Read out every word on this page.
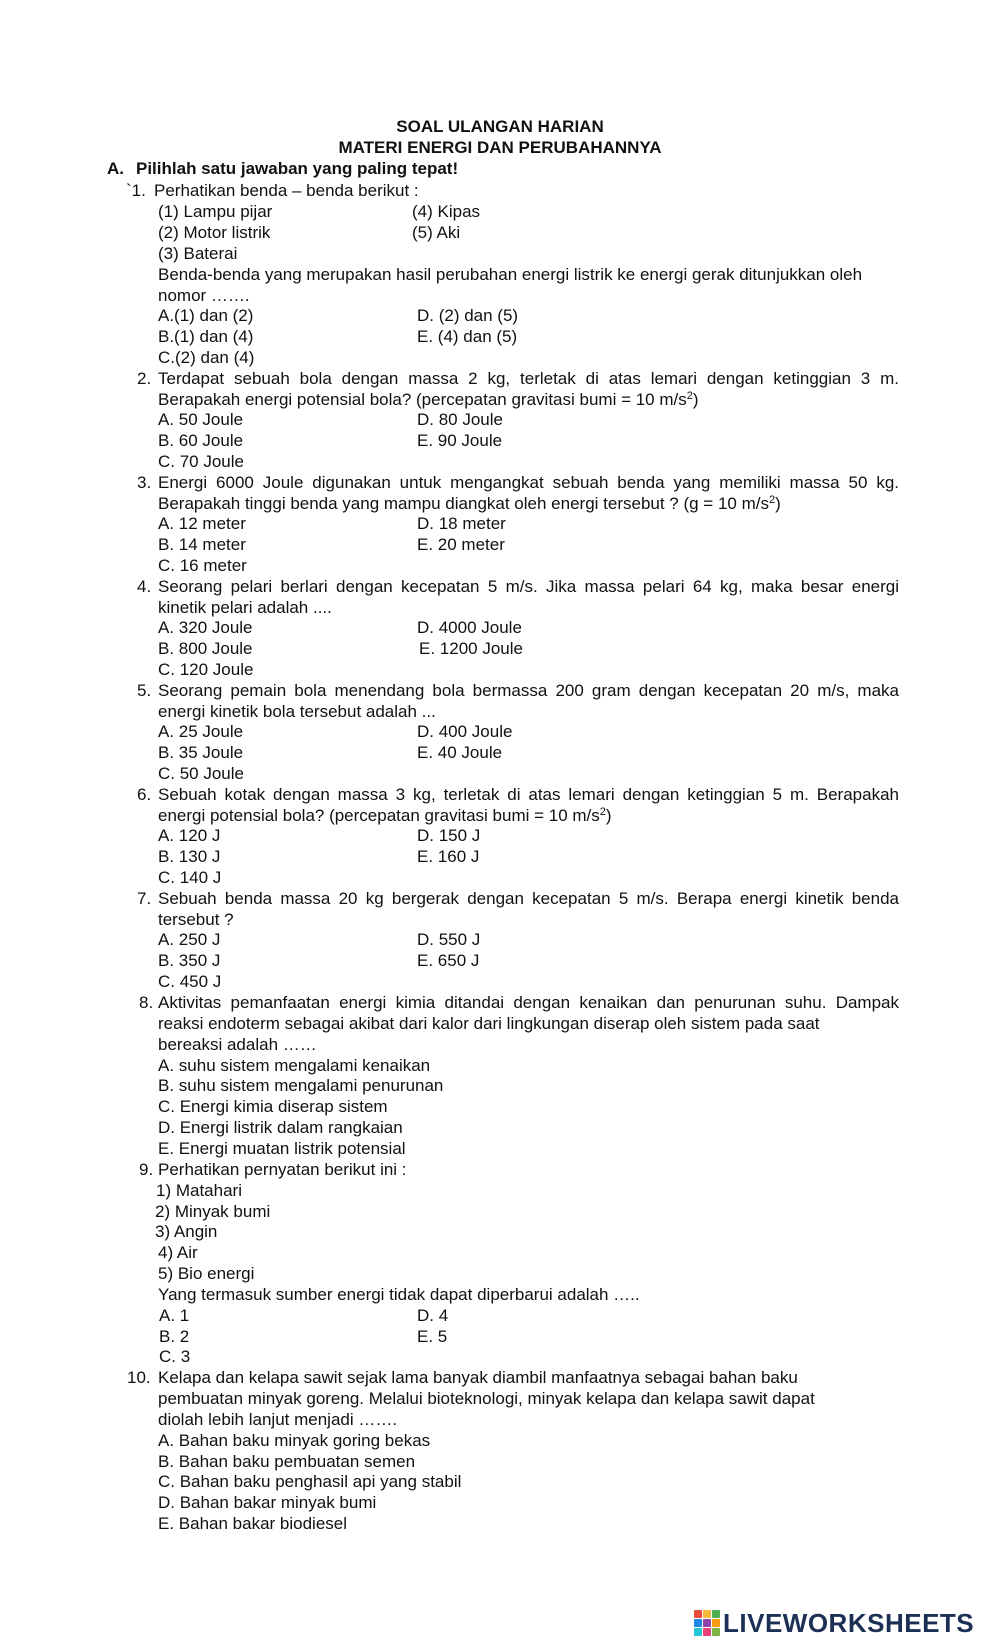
SOAL ULANGAN HARIAN
MATERI ENERGI DAN PERUBAHANNYA
A. Pilihlah satu jawaban yang paling tepat!
`1. Perhatikan benda – benda berikut :
(1) Lampu pijar	(4) Kipas
(2) Motor listrik	(5) Aki
(3) Baterai
Benda-benda yang merupakan hasil perubahan energi listrik ke energi gerak ditunjukkan oleh
nomor …….
A.(1) dan (2)	D. (2) dan (5)
B.(1) dan (4)	E. (4) dan (5)
C.(2) dan (4)
2. Terdapat sebuah bola dengan massa 2 kg, terletak di atas lemari dengan ketinggian 3 m.
Berapakah energi potensial bola? (percepatan gravitasi bumi = 10 $m/s^2$)
A. 50 Joule	D. 80 Joule
B. 60 Joule	E. 90 Joule
C. 70 Joule
3. Energi 6000 Joule digunakan untuk mengangkat sebuah benda yang memiliki massa 50 kg.
Berapakah tinggi benda yang mampu diangkat oleh energi tersebut ? (g = 10 $m/s^2$)
A. 12 meter	D. 18 meter
B. 14 meter	E. 20 meter
C. 16 meter
4. Seorang pelari berlari dengan kecepatan 5 m/s. Jika massa pelari 64 kg, maka besar energi
kinetik pelari adalah ....
A. 320 Joule	D. 4000 Joule
B. 800 Joule	E. 1200 Joule
C. 120 Joule
5. Seorang pemain bola menendang bola bermassa 200 gram dengan kecepatan 20 m/s, maka
energi kinetik bola tersebut adalah ...
A. 25 Joule	D. 400 Joule
B. 35 Joule	E. 40 Joule
C. 50 Joule
6. Sebuah kotak dengan massa 3 kg, terletak di atas lemari dengan ketinggian 5 m. Berapakah
energi potensial bola? (percepatan gravitasi bumi = 10 $m/s^2$)
A. 120 J	D. 150 J
B. 130 J	E. 160 J
C. 140 J
7. Sebuah benda massa 20 kg bergerak dengan kecepatan 5 m/s. Berapa energi kinetik benda
tersebut ?
A. 250 J	D. 550 J
B. 350 J	E. 650 J
C. 450 J
8. Aktivitas pemanfaatan energi kimia ditandai dengan kenaikan dan penurunan suhu. Dampak
reaksi endoterm sebagai akibat dari kalor dari lingkungan diserap oleh sistem pada saat
bereaksi adalah ……
A. suhu sistem mengalami kenaikan
B. suhu sistem mengalami penurunan
C. Energi kimia diserap sistem
D. Energi listrik dalam rangkaian
E. Energi muatan listrik potensial
9. Perhatikan pernyatan berikut ini :
1) Matahari
2) Minyak bumi
3) Angin
4) Air
5) Bio energi
Yang termasuk sumber energi tidak dapat diperbarui adalah …..
A. 1	D. 4
B. 2	E. 5
C. 3
10. Kelapa dan kelapa sawit sejak lama banyak diambil manfaatnya sebagai bahan baku
pembuatan minyak goreng. Melalui bioteknologi, minyak kelapa dan kelapa sawit dapat
diolah lebih lanjut menjadi …….
A. Bahan baku minyak goring bekas
B. Bahan baku pembuatan semen
C. Bahan baku penghasil api yang stabil
D. Bahan bakar minyak bumi
E. Bahan bakar biodiesel
LIVEWORKSHEETS
